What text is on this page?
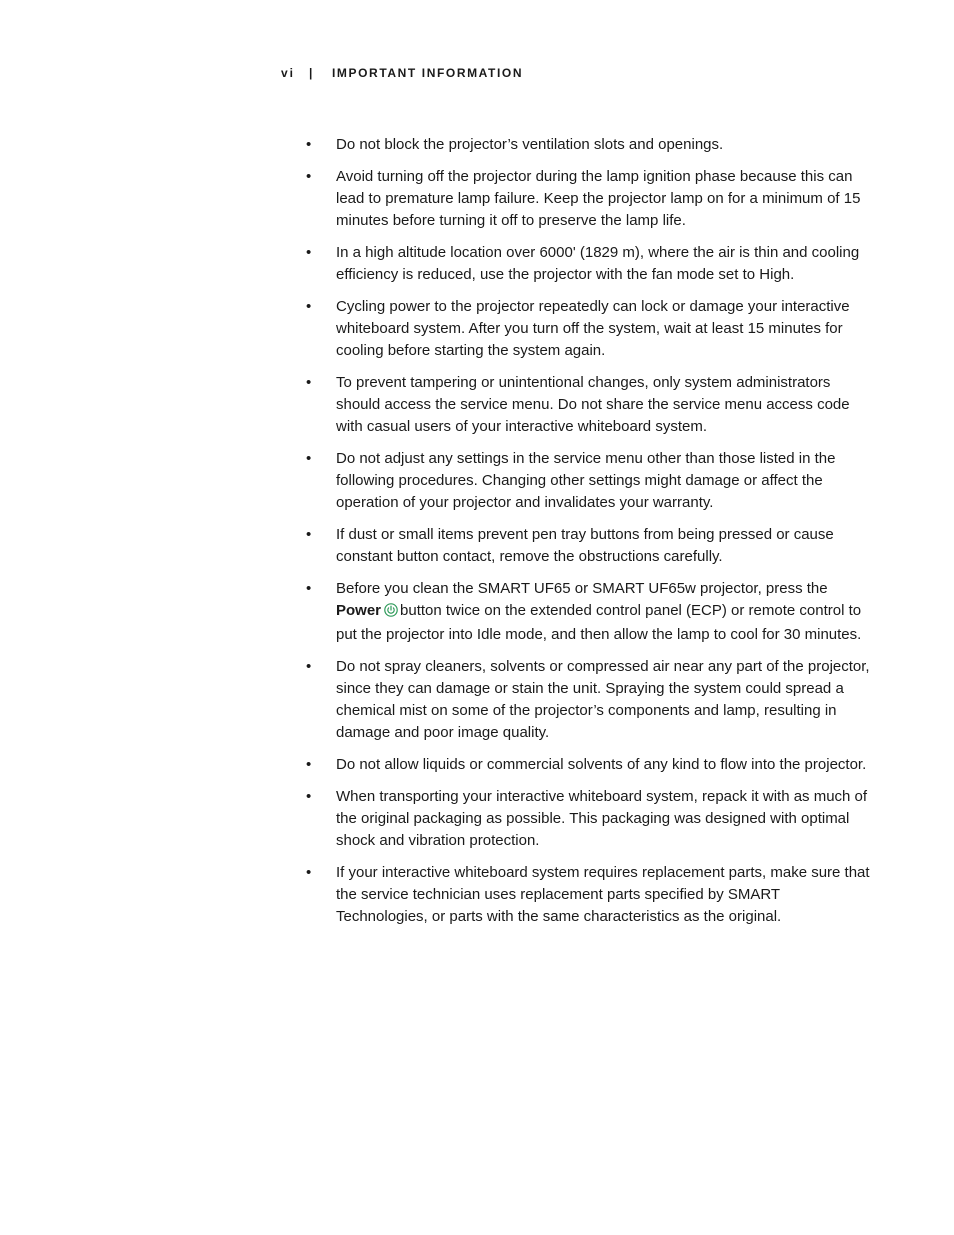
vi | IMPORTANT INFORMATION
•	Do not block the projector’s ventilation slots and openings.
•	Avoid turning off the projector during the lamp ignition phase because this can lead to premature lamp failure. Keep the projector lamp on for a minimum of 15 minutes before turning it off to preserve the lamp life.
•	In a high altitude location over 6000' (1829 m), where the air is thin and cooling efficiency is reduced, use the projector with the fan mode set to High.
•	Cycling power to the projector repeatedly can lock or damage your interactive whiteboard system. After you turn off the system, wait at least 15 minutes for cooling before starting the system again.
•	To prevent tampering or unintentional changes, only system administrators should access the service menu. Do not share the service menu access code with casual users of your interactive whiteboard system.
•	Do not adjust any settings in the service menu other than those listed in the following procedures. Changing other settings might damage or affect the operation of your projector and invalidates your warranty.
•	If dust or small items prevent pen tray buttons from being pressed or cause constant button contact, remove the obstructions carefully.
•	Before you clean the SMART UF65 or SMART UF65w projector, press the Power button twice on the extended control panel (ECP) or remote control to put the projector into Idle mode, and then allow the lamp to cool for 30 minutes.
•	Do not spray cleaners, solvents or compressed air near any part of the projector, since they can damage or stain the unit. Spraying the system could spread a chemical mist on some of the projector’s components and lamp, resulting in damage and poor image quality.
•	Do not allow liquids or commercial solvents of any kind to flow into the projector.
•	When transporting your interactive whiteboard system, repack it with as much of the original packaging as possible. This packaging was designed with optimal shock and vibration protection.
•	If your interactive whiteboard system requires replacement parts, make sure that the service technician uses replacement parts specified by SMART Technologies, or parts with the same characteristics as the original.
